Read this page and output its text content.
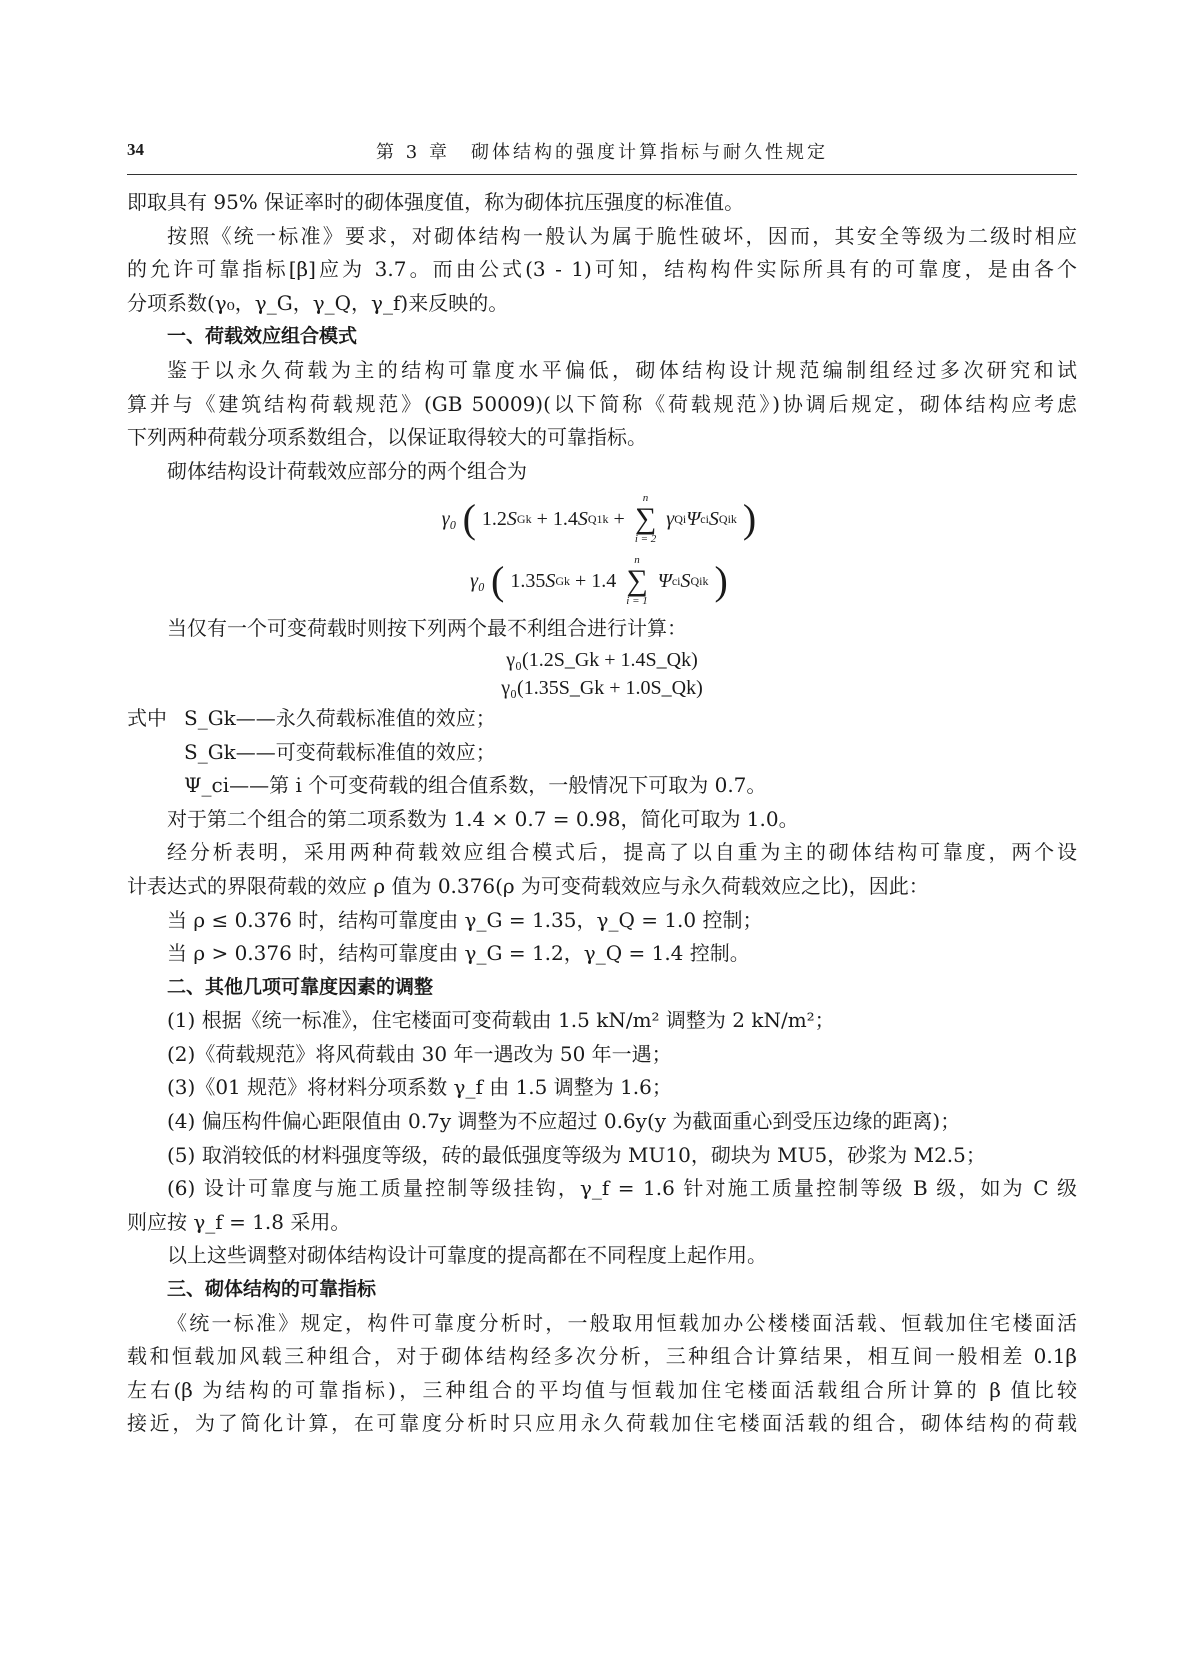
34	第 3 章　砌体结构的强度计算指标与耐久性规定

即取具有 95% 保证率时的砌体强度值，称为砌体抗压强度的标准值。

按照《统一标准》要求，对砌体结构一般认为属于脆性破坏，因而，其安全等级为二级时相应

的允许可靠指标[β]应为 3.7。而由公式(3 - 1)可知，结构构件实际所具有的可靠度，是由各个

分项系数(γ₀，γ_G，γ_Q，γ_f)来反映的。

一、荷载效应组合模式

鉴于以永久荷载为主的结构可靠度水平偏低，砌体结构设计规范编制组经过多次研究和试

算并与《建筑结构荷载规范》(GB 50009)(以下简称《荷载规范》)协调后规定，砌体结构应考虑

下列两种荷载分项系数组合，以保证取得较大的可靠指标。

砌体结构设计荷载效应部分的两个组合为

γ₀ ( 1.2 S Gk
+ 1.4 S Q1k
+
n
∑
i = 2
γ Qi Ψ ci S Qik )
γ₀ ( 1.35 S Gk
+ 1.4
n
∑
i = 1
Ψ ci S Qik )

当仅有一个可变荷载时则按下列两个最不利组合进行计算：

γ₀(1.2S_Gk + 1.4S_Qk)

γ₀(1.35S_Gk + 1.0S_Qk)

式中 S_Gk——永久荷载标准值的效应；

S_Gk——可变荷载标准值的效应；

Ψ_ci——第 i 个可变荷载的组合值系数，一般情况下可取为 0.7。

对于第二个组合的第二项系数为 1.4 × 0.7 = 0.98，简化可取为 1.0。

经分析表明，采用两种荷载效应组合模式后，提高了以自重为主的砌体结构可靠度，两个设

计表达式的界限荷载的效应 ρ 值为 0.376(ρ 为可变荷载效应与永久荷载效应之比)，因此：

当 ρ ≤ 0.376 时，结构可靠度由 γ_G = 1.35，γ_Q = 1.0 控制；

当 ρ > 0.376 时，结构可靠度由 γ_G = 1.2，γ_Q = 1.4 控制。

二、其他几项可靠度因素的调整

(1) 根据《统一标准》，住宅楼面可变荷载由 1.5 kN/m² 调整为 2 kN/m²；

(2)《荷载规范》将风荷载由 30 年一遇改为 50 年一遇；

(3)《01 规范》将材料分项系数 γ_f 由 1.5 调整为 1.6；

(4) 偏压构件偏心距限值由 0.7y 调整为不应超过 0.6y(y 为截面重心到受压边缘的距离)；

(5) 取消较低的材料强度等级，砖的最低强度等级为 MU10，砌块为 MU5，砂浆为 M2.5；

(6) 设计可靠度与施工质量控制等级挂钩，γ_f = 1.6 针对施工质量控制等级 B 级，如为 C 级

则应按 γ_f = 1.8 采用。

以上这些调整对砌体结构设计可靠度的提高都在不同程度上起作用。

三、砌体结构的可靠指标

《统一标准》规定，构件可靠度分析时，一般取用恒载加办公楼楼面活载、恒载加住宅楼面活

载和恒载加风载三种组合，对于砌体结构经多次分析，三种组合计算结果，相互间一般相差 0.1β

左右(β 为结构的可靠指标)，三种组合的平均值与恒载加住宅楼面活载组合所计算的 β 值比较

接近，为了简化计算，在可靠度分析时只应用永久荷载加住宅楼面活载的组合，砌体结构的荷载
